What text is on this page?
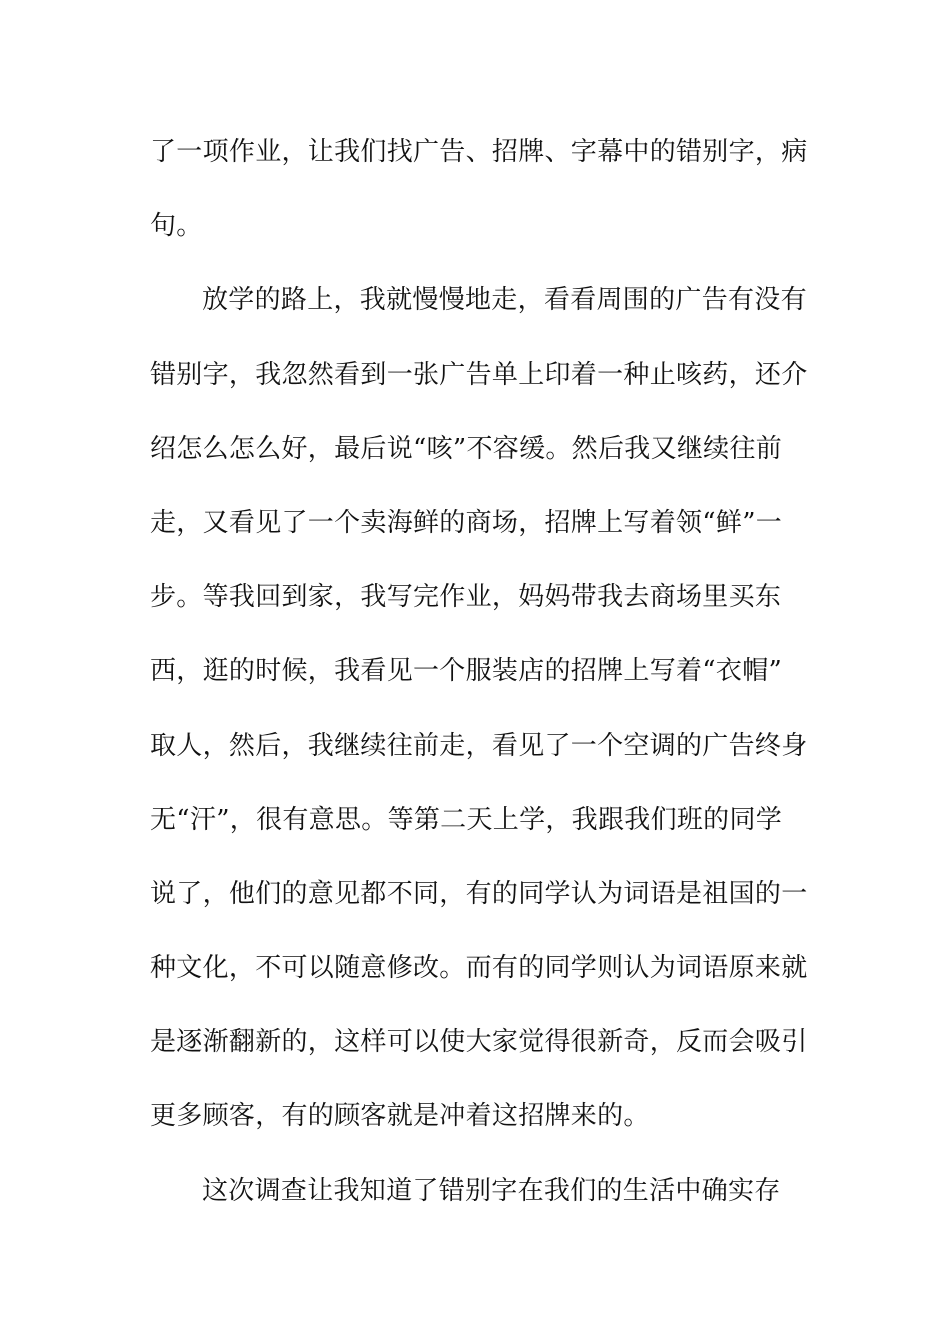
了一项作业，让我们找广告、招牌、字幕中的错别字，病
句。
放学的路上，我就慢慢地走，看看周围的广告有没有
错别字，我忽然看到一张广告单上印着一种止咳药，还介
绍怎么怎么好，最后说“咳”不容缓。然后我又继续往前
走，又看见了一个卖海鲜的商场，招牌上写着领“鲜”一
步。等我回到家，我写完作业，妈妈带我去商场里买东
西，逛的时候，我看见一个服装店的招牌上写着“衣帽”
取人，然后，我继续往前走，看见了一个空调的广告终身
无“汗”，很有意思。等第二天上学，我跟我们班的同学
说了，他们的意见都不同，有的同学认为词语是祖国的一
种文化，不可以随意修改。而有的同学则认为词语原来就
是逐渐翻新的，这样可以使大家觉得很新奇，反而会吸引
更多顾客，有的顾客就是冲着这招牌来的。
这次调查让我知道了错别字在我们的生活中确实存
